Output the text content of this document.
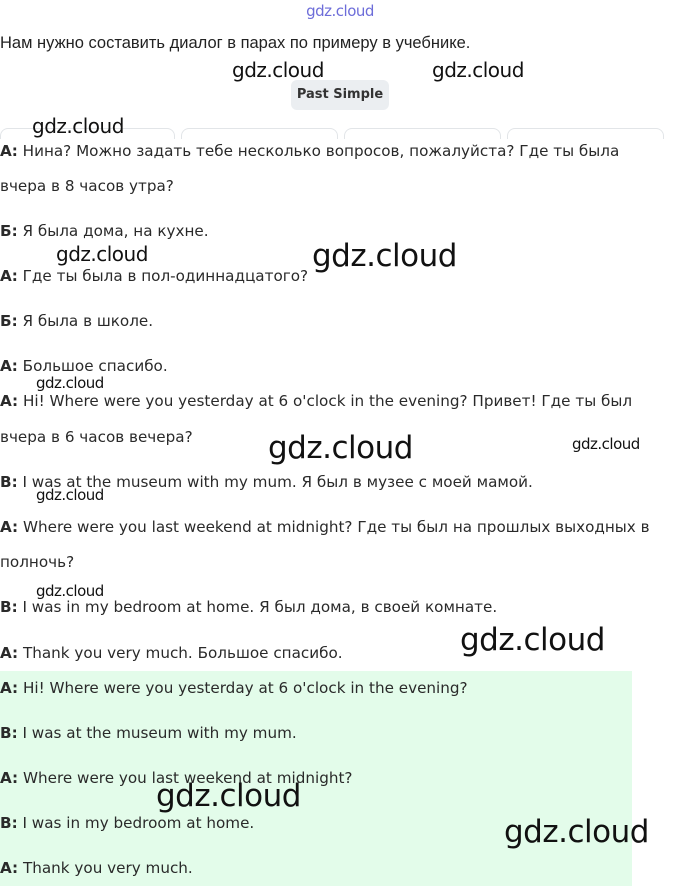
gdz.cloud
Нам нужно составить диалог в парах по примеру в учебнике.
Past Simple
А: Нина? Можно задать тебе несколько вопросов, пожалуйста? Где ты была
вчера в 8 часов утра?
Б: Я была дома, на кухне.
А: Где ты была в пол-одиннадцатого?
Б: Я была в школе.
А: Большое спасибо.
A: Hi! Where were you yesterday at 6 o'clock in the evening? Привет! Где ты был
вчера в 6 часов вечера?
B: I was at the museum with my mum. Я был в музее с моей мамой.
A: Where were you last weekend at midnight? Где ты был на прошлых выходных в
полночь?
B: I was in my bedroom at home. Я был дома, в своей комнате.
A: Thank you very much. Большое спасибо.
A: Hi! Where were you yesterday at 6 o'clock in the evening?
B: I was at the museum with my mum.
A: Where were you last weekend at midnight?
B: I was in my bedroom at home.
A: Thank you very much.
gdz.cloud	gdz.cloud
gdz.cloud
gdz.cloud	gdz.cloud
gdz.cloud
gdz.cloud	gdz.cloud
gdz.cloud
gdz.cloud
gdz.cloud
gdz.cloud
gdz.cloud
